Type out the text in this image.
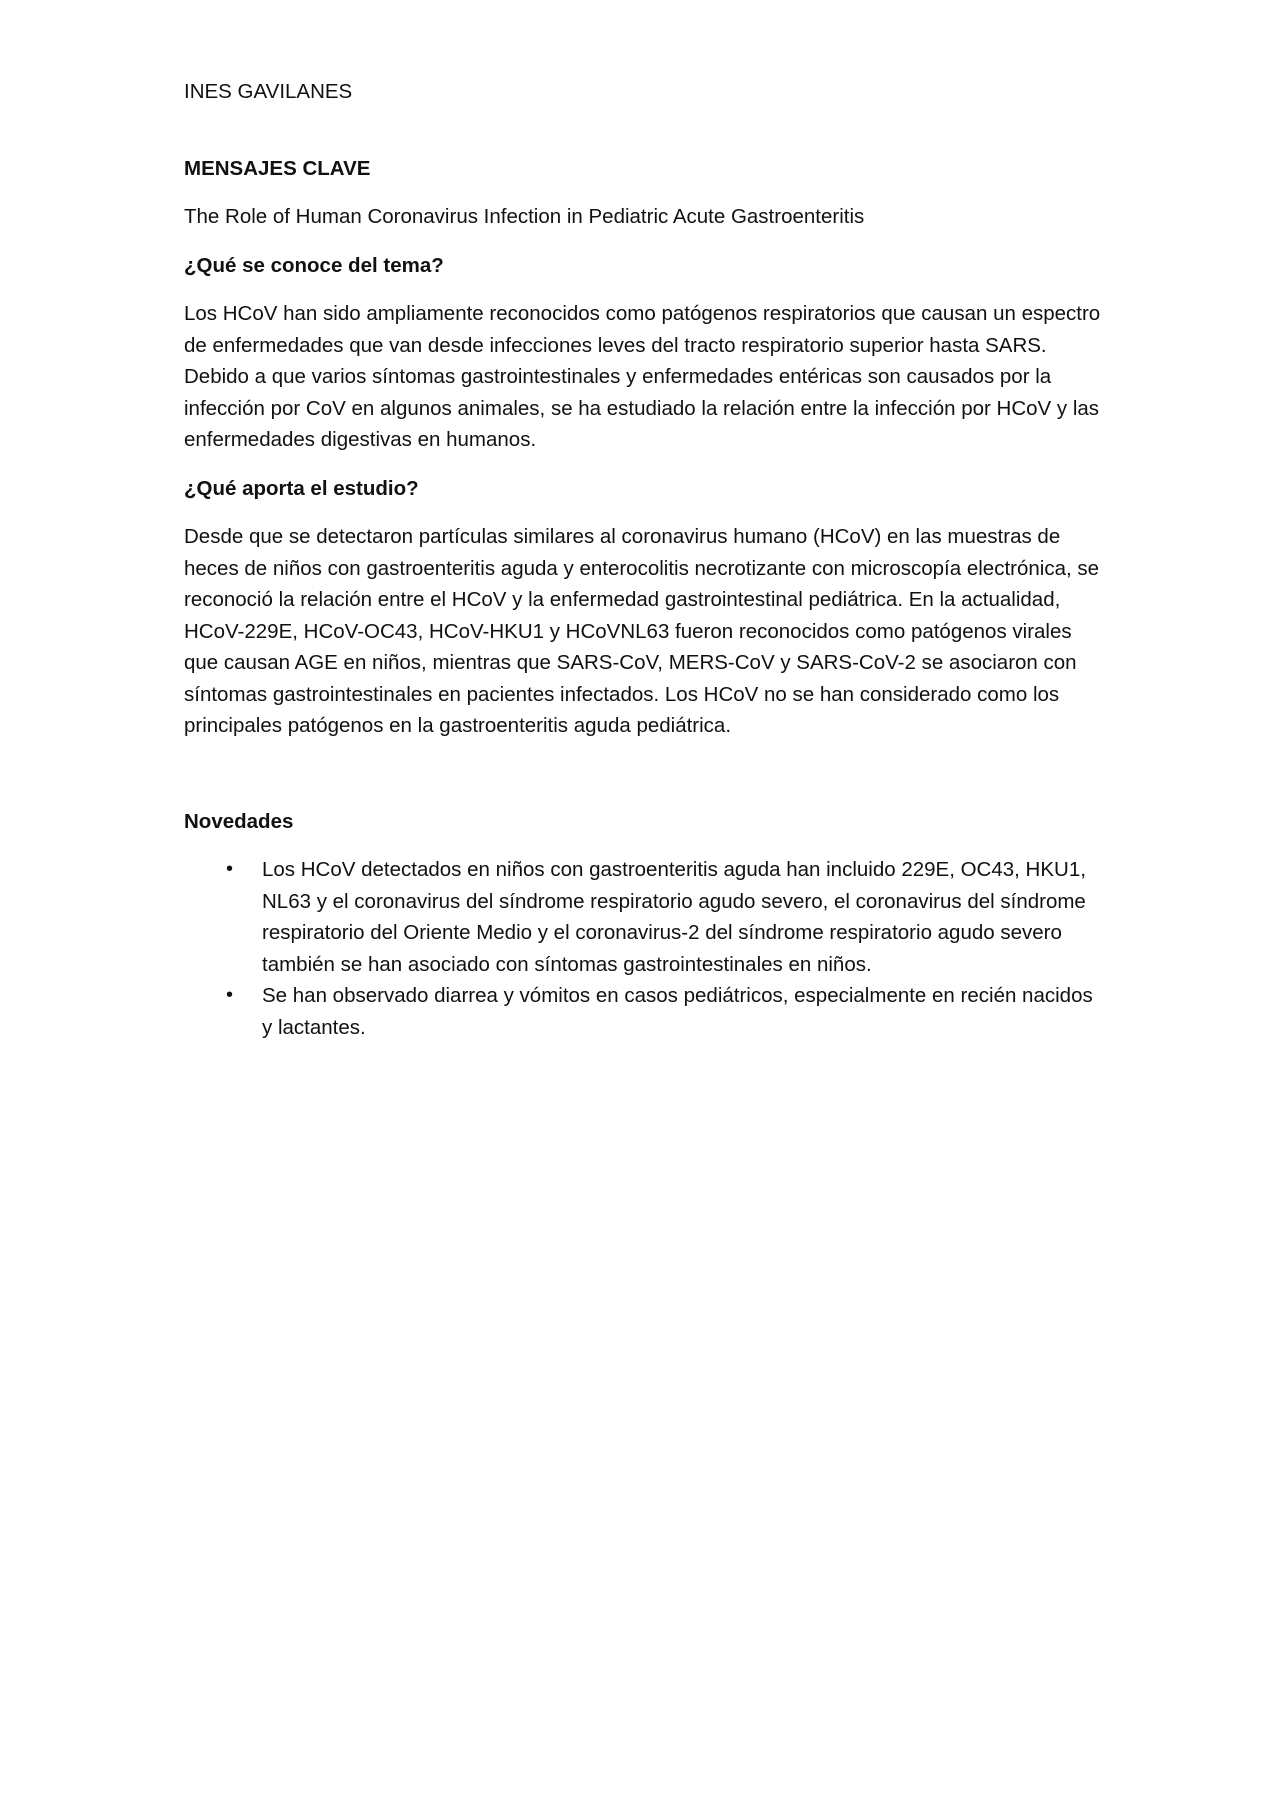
INES GAVILANES

MENSAJES CLAVE

The Role of Human Coronavirus Infection in Pediatric Acute Gastroenteritis

¿Qué se conoce del tema?

Los HCoV han sido ampliamente reconocidos como patógenos respiratorios que causan un espectro de enfermedades que van desde infecciones leves del tracto respiratorio superior hasta SARS. Debido a que varios síntomas gastrointestinales y enfermedades entéricas son causados por la infección por CoV en algunos animales, se ha estudiado la relación entre la infección por HCoV y las enfermedades digestivas en humanos.

¿Qué aporta el estudio?

Desde que se detectaron partículas similares al coronavirus humano (HCoV) en las muestras de heces de niños con gastroenteritis aguda y enterocolitis necrotizante con microscopía electrónica, se reconoció la relación entre el HCoV y la enfermedad gastrointestinal pediátrica. En la actualidad, HCoV-229E, HCoV-OC43, HCoV-HKU1 y HCoVNL63 fueron reconocidos como patógenos virales que causan AGE en niños, mientras que SARS-CoV, MERS-CoV y SARS-CoV-2 se asociaron con síntomas gastrointestinales en pacientes infectados. Los HCoV no se han considerado como los principales patógenos en la gastroenteritis aguda pediátrica.

Novedades

• Los HCoV detectados en niños con gastroenteritis aguda han incluido 229E, OC43, HKU1, NL63 y el coronavirus del síndrome respiratorio agudo severo, el coronavirus del síndrome respiratorio del Oriente Medio y el coronavirus-2 del síndrome respiratorio agudo severo también se han asociado con síntomas gastrointestinales en niños.
• Se han observado diarrea y vómitos en casos pediátricos, especialmente en recién nacidos y lactantes.
